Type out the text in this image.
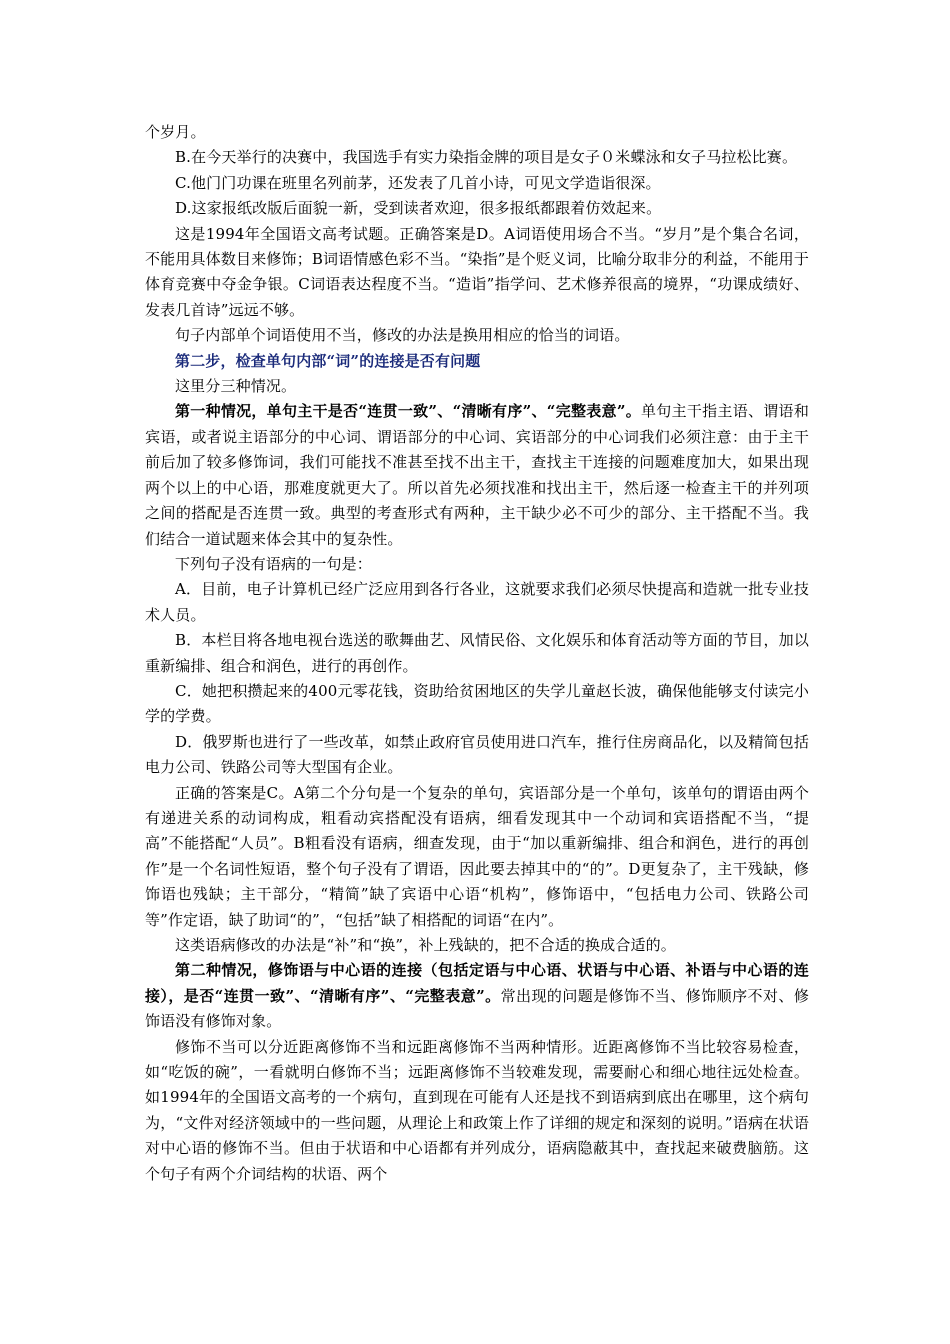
个岁月。

B.在今天举行的决赛中，我国选手有实力染指金牌的项目是女子０米蝶泳和女子马拉松比赛。

C.他门门功课在班里名列前茅，还发表了几首小诗，可见文学造诣很深。

D.这家报纸改版后面貌一新，受到读者欢迎，很多报纸都跟着仿效起来。

这是1994年全国语文高考试题。正确答案是D。A词语使用场合不当。“岁月”是个集合名词，不能用具体数目来修饰；B词语情感色彩不当。“染指”是个贬义词，比喻分取非分的利益，不能用于体育竞赛中夺金争银。C词语表达程度不当。“造诣”指学问、艺术修养很高的境界，“功课成绩好、发表几首诗”远远不够。

句子内部单个词语使用不当，修改的办法是换用相应的恰当的词语。

第二步，检查单句内部“词”的连接是否有问题

这里分三种情况。

第一种情况，单句主干是否“连贯一致”、“清晰有序”、“完整表意”。单句主干指主语、谓语和宾语，或者说主语部分的中心词、谓语部分的中心词、宾语部分的中心词我们必须注意：由于主干前后加了较多修饰词，我们可能找不准甚至找不出主干，查找主干连接的问题难度加大，如果出现两个以上的中心语，那难度就更大了。所以首先必须找准和找出主干，然后逐一检查主干的并列项之间的搭配是否连贯一致。典型的考查形式有两种，主干缺少必不可少的部分、主干搭配不当。我们结合一道试题来体会其中的复杂性。

下列句子没有语病的一句是：

A．目前，电子计算机已经广泛应用到各行各业，这就要求我们必须尽快提高和造就一批专业技术人员。

B．本栏目将各地电视台选送的歌舞曲艺、风情民俗、文化娱乐和体育活动等方面的节目，加以重新编排、组合和润色，进行的再创作。

C．她把积攒起来的400元零花钱，资助给贫困地区的失学儿童赵长波，确保他能够支付读完小学的学费。

D．俄罗斯也进行了一些改革，如禁止政府官员使用进口汽车，推行住房商品化，以及精简包括电力公司、铁路公司等大型国有企业。

正确的答案是C。A第二个分句是一个复杂的单句，宾语部分是一个单句，该单句的谓语由两个有递进关系的动词构成，粗看动宾搭配没有语病，细看发现其中一个动词和宾语搭配不当，“提高”不能搭配“人员”。B粗看没有语病，细查发现，由于“加以重新编排、组合和润色，进行的再创作”是一个名词性短语，整个句子没有了谓语，因此要去掉其中的“的”。D更复杂了，主干残缺，修饰语也残缺；主干部分，“精简”缺了宾语中心语“机构”，修饰语中，“包括电力公司、铁路公司等”作定语，缺了助词“的”，“包括”缺了相搭配的词语“在内”。

这类语病修改的办法是“补”和“换”，补上残缺的，把不合适的换成合适的。

第二种情况，修饰语与中心语的连接（包括定语与中心语、状语与中心语、补语与中心语的连接），是否“连贯一致”、“清晰有序”、“完整表意”。常出现的问题是修饰不当、修饰顺序不对、修饰语没有修饰对象。

修饰不当可以分近距离修饰不当和远距离修饰不当两种情形。近距离修饰不当比较容易检查，如“吃饭的碗”，一看就明白修饰不当；远距离修饰不当较难发现，需要耐心和细心地往远处检查。如1994年的全国语文高考的一个病句，直到现在可能有人还是找不到语病到底出在哪里，这个病句为，“文件对经济领域中的一些问题，从理论上和政策上作了详细的规定和深刻的说明。”语病在状语对中心语的修饰不当。但由于状语和中心语都有并列成分，语病隐蔽其中，查找起来破费脑筋。这个句子有两个介词结构的状语、两个
